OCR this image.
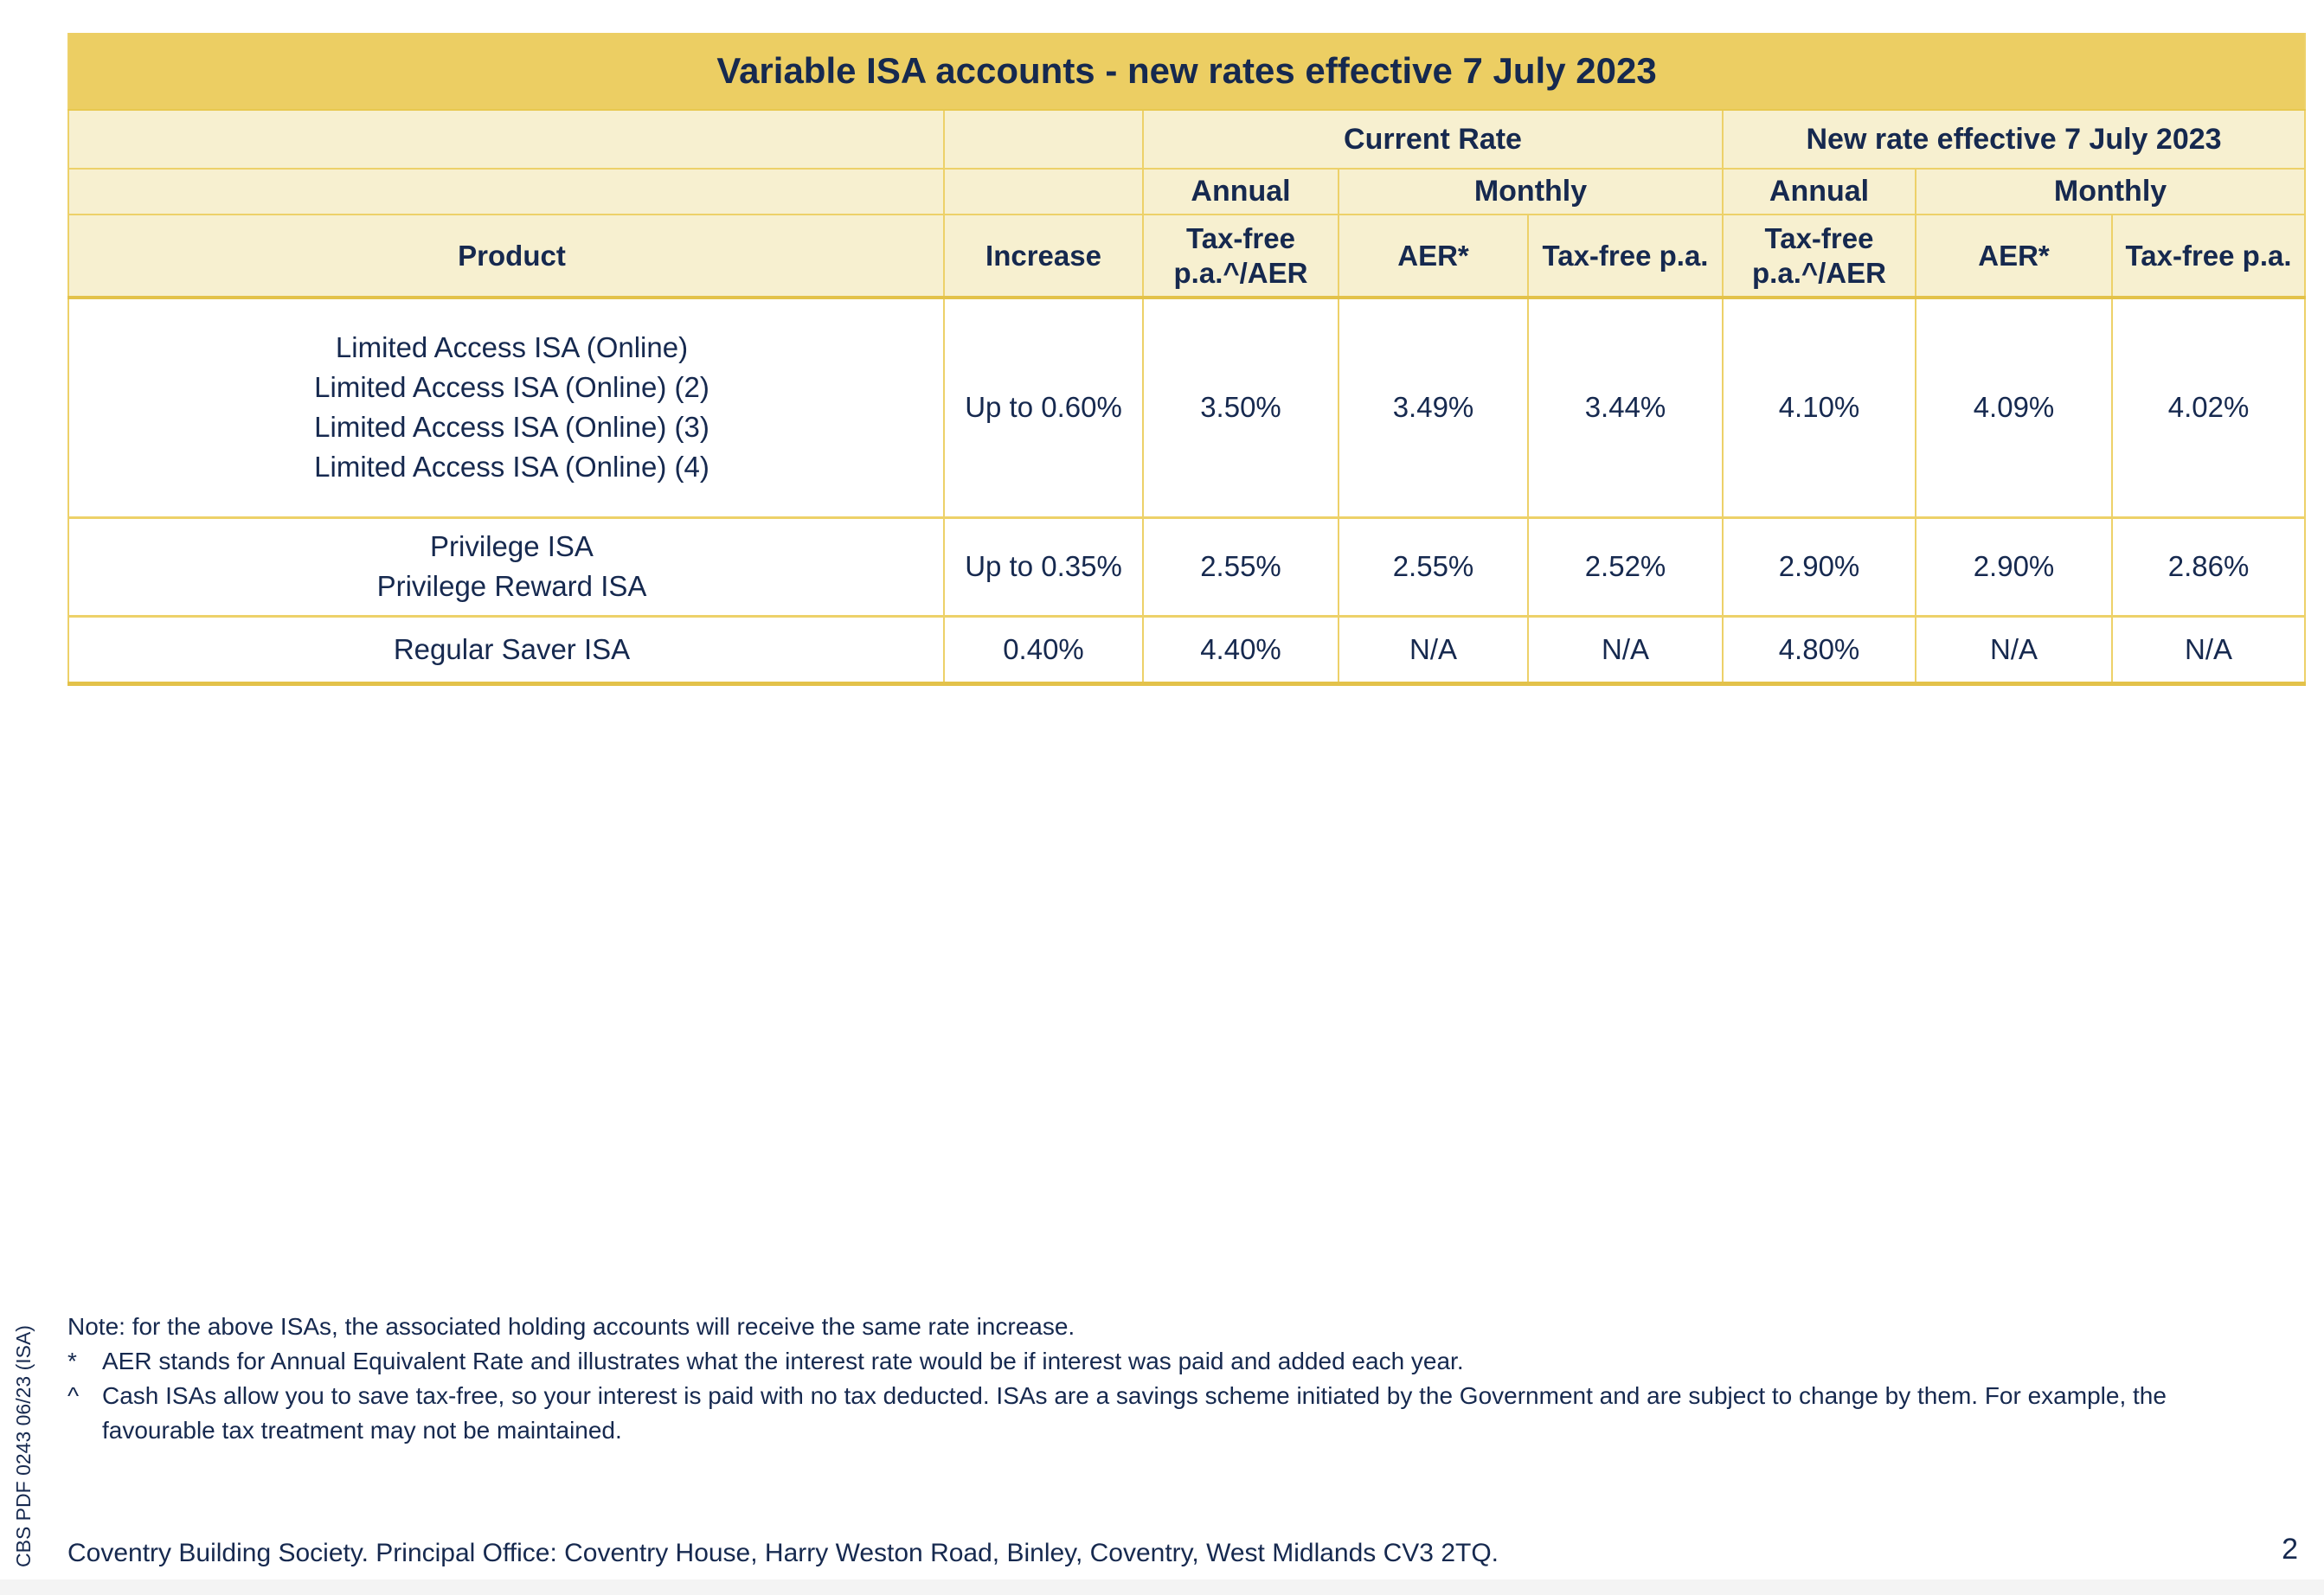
Variable ISA accounts - new rates effective 7 July 2023							
		Current Rate			New rate effective 7 July 2023		
		Annual	Monthly		Annual	Monthly	
Product	Increase	Tax-free p.a.^/AER	AER*	Tax-free p.a.	Tax-free p.a.^/AER	AER*	Tax-free p.a.

Limited Access ISA (Online)
Limited Access ISA (Online) (2)
Limited Access ISA (Online) (3)
Limited Access ISA (Online) (4)	Up to 0.60%	3.50%	3.49%	3.44%	4.10%	4.09%	4.02%

Privilege ISA
Privilege Reward ISA	Up to 0.35%	2.55%	2.55%	2.52%	2.90%	2.90%	2.86%

Regular Saver ISA	0.40%	4.40%	N/A	N/A	4.80%	N/A	N/A
Note: for the above ISAs, the associated holding accounts will receive the same rate increase.
* AER stands for Annual Equivalent Rate and illustrates what the interest rate would be if interest was paid and added each year.
^ Cash ISAs allow you to save tax-free, so your interest is paid with no tax deducted. ISAs are a savings scheme initiated by the Government and are subject to change by them. For example, the favourable tax treatment may not be maintained.
Coventry Building Society. Principal Office: Coventry House, Harry Weston Road, Binley, Coventry, West Midlands CV3 2TQ.	2
CBS PDF 0243 06/23 (ISA)
